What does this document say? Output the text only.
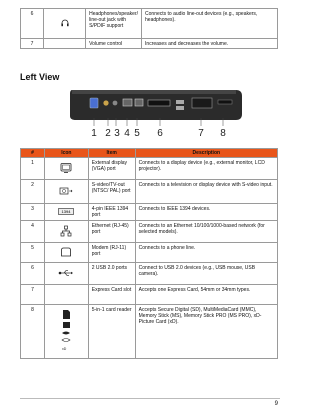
6		Headphones/speaker/ line-out jack with S/PDIF support	Connects to audio line-out devices (e.g., speakers, headphones).
7		Volume control	Increases and decreases the volume.
Left View
1 2 3 4 5 6	7 8
#	Icon	Item	Description
1		External display (VGA) port	Connects to a display device (e.g., external monitor, LCD projector).
2		S-video/TV-out (NTSC/ PAL) port	Connects to a television or display device with S-video input.
3	1394	4-pin IEEE 1394 port	Connects to IEEE 1394 devices.
4		Ethernet (RJ-45) port	Connects to an Ethernet 10/100/1000-based network (for selected models).
5		Modem (RJ-11) port	Connects to a phone line.
6		2 USB 2.0 ports	Connect to USB 2.0 devices (e.g., USB mouse, USB camera).
7		Express Card slot	Accepts one Express Card, 54mm or 34mm types.
8	xD	5-in-1 card reader	Accepts Secure Digital (SD), MultiMediaCard (MMC), Memory Stick (MS), Memory Stick PRO (MS PRO), xD-Picture Card (xD).
9
